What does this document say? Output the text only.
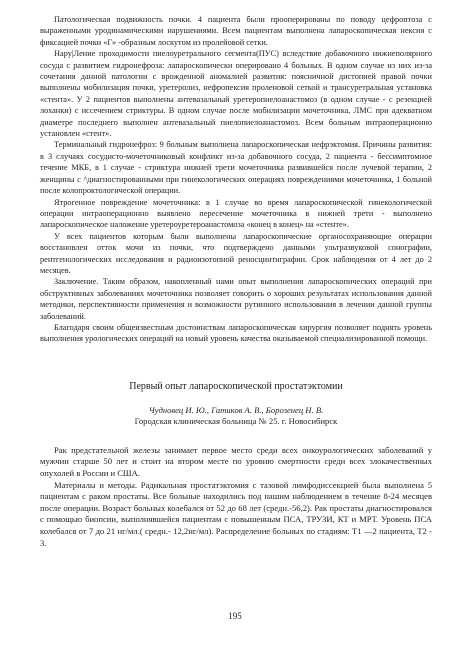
Патологическая подвижность почки. 4 пациента были прооперированы по поводу цефроптоза с выраженными уродинамическими нарушениями. Всем пациентам выполнена лапароскопическая нексия с фиксацией почки «Г» -образным лоскутом из пролейовой сетки.

Нару|Ление проходимости пиелоуретрального сегмента(ПУС) вследствие добавочного нижнеполярного сосуда с развитием гидронефроза: лапароскопически оперировано 4 больных. В одном случае из них из-за сочетания данной патологии с врожденной аномалией развития: поясничной дистопией правой почки выполнены мобилизация почки, уретеролиз, нефропексия проленовой сеткой и трансуретральная установка «стента». У 2 пациентов выполнены антевазальный уретеропиелоанастомоз (в одном случае - с резекцией лоханки) с иссечением стриктуры. В одном случае после мобилизации мочеточника, ЛМС при адекватном диаметре последнего выполнен антевазальный пиелопиелоанастомоз. Всем больным интраоперационно установлен «стент».

Терминальный гидронефроз: 9 больным выполнена лапароскопическая нефрэктомия. Причины развития: в 3 случаях сосудисто-мочеточниковый конфликт из-за добавочного сосуда, 2 пациента - бессимптомное течение МКБ, в 1 случае - стриктура нижней трети мочеточника развившейся после лучевой терапии, 2 женщины с ^диагностированными при гинекологических операциях повреждениями мочеточника, 1 больной после колопроктологической операции.

Ятрогенное повреждение мочеточника: в 1 случае во время лапароскопической гинекологической операции интраоперационно выявлено пересечение мочеточника в нижней трети - выполнено лапароскопическое наложение уретероуретероанастомоза «конец в конец» на «стенте».

У всех пациентов которым были выполнены лапароскопические органосохраняющие операции восстановлен отток мочи из почки, что подтверждено данными ультразвуковой сонографии, рентгенологических исследования и радиоизотопной ренoсцинтиграфии. Срок наблюдения от 4 лет до 2 месяцев.

Заключение. Таким образом, накопленный нами опыт выполнения лапароскопических операций при обструктивных заболеваниях мочеточника позволяет говорить о хороших результатах использования данной методики, перспективности применения и возможности рутинного использования в лечении данной группы заболеваний.

Благодаря своим общеизвестным достоинствам лапароскопическая хирургия позволяет поднять уровень выполнения урологических операций на новый уровень качества оказываемой специализированной помощи.

Первый опыт лапароскопической простатэктомии
Чудновец И. Ю., Гатиков А. В., Борозенец Н. В.
Городская клиническая больница № 25. г. Новосибирск

Рак предстательной железы занимает первое место среди всех онкоурологических заболеваний у мужчин старше 50 лет и стоит на втором месте по уровню смертности среди всех злокачественных опухолей в России и США.

Материалы и методы. Радикальная простатэктомия с тазовой лимфодиссекцией была выполнена 5 пациентам с раком простаты. Все больные находились под нашим наблюдением в течение 8-24 месяцев после операции. Возраст больных колебался от 52 до 68 лет (средн.-56,2). Рак простаты диагностировался с помощью биопсии, выполнявшейся пациентам с повышенным ПСА, ТРУЗИ, КТ и МРТ. Уровень ПСА колебался от 7 до 21 нг/мл.( средн.- 12,2нг/мл). Распределение больных по стадиям: Т1 —2 пациента, Т2 - 3.

195
